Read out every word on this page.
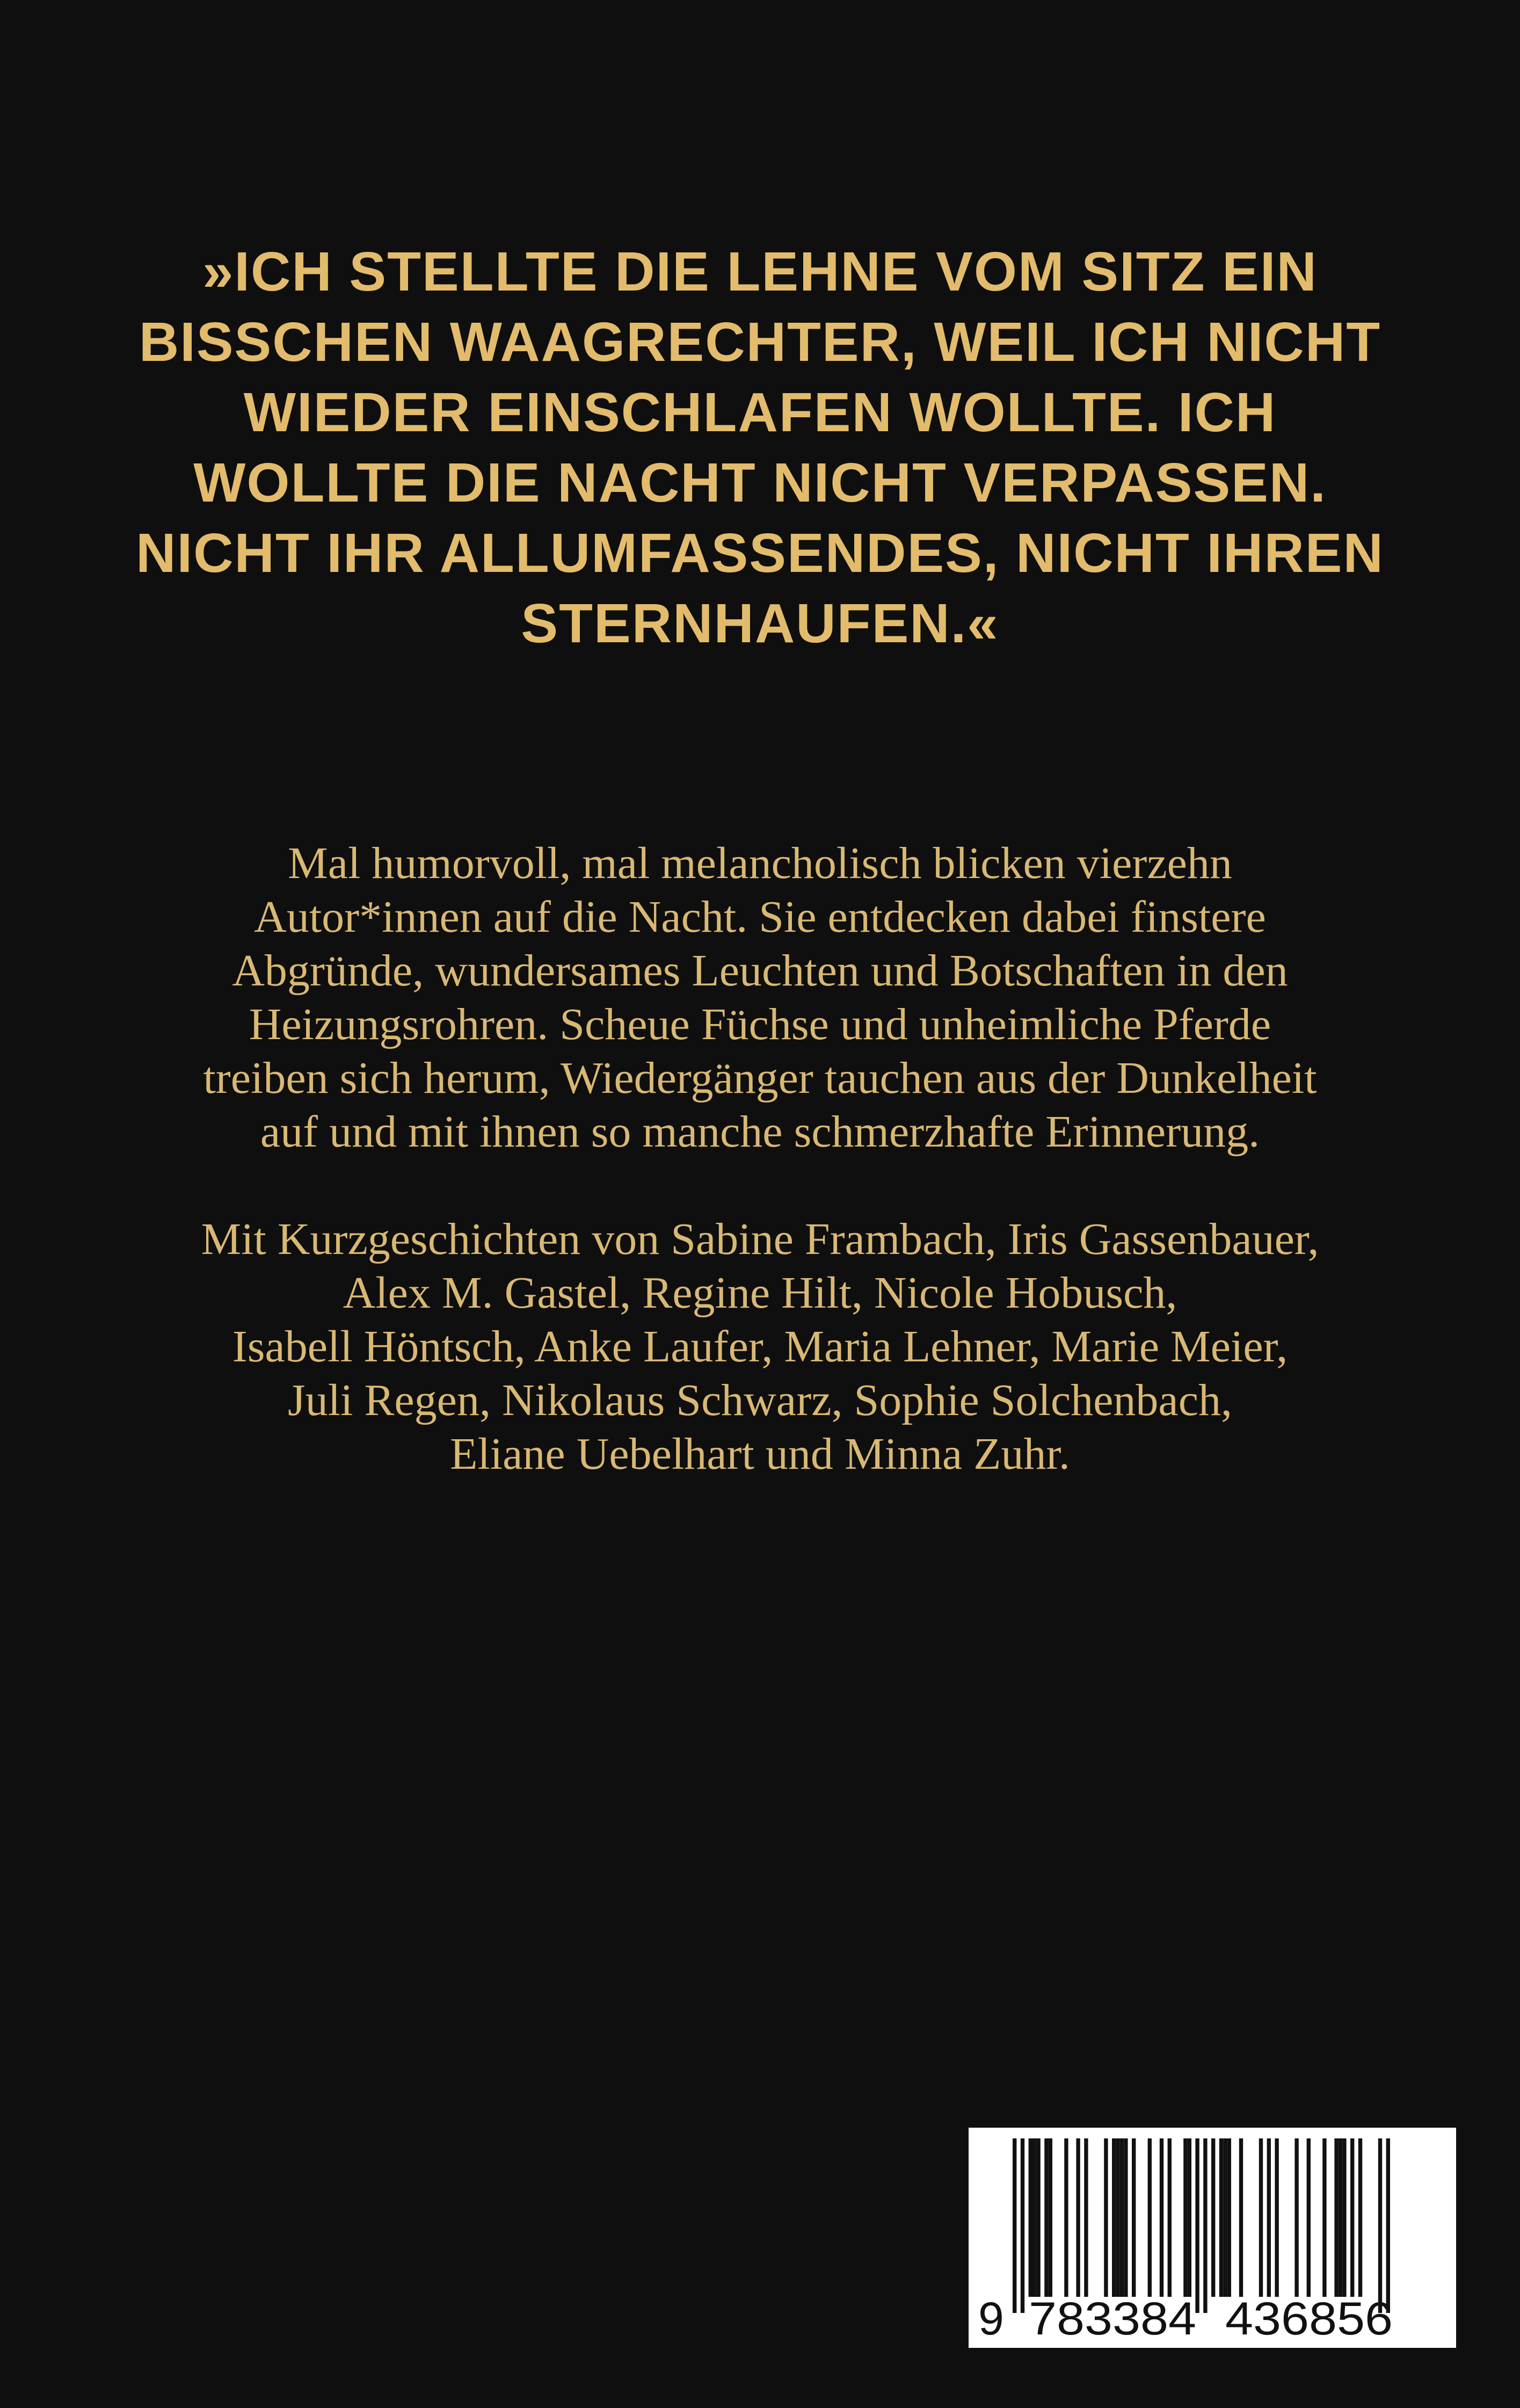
»ICH STELLTE DIE LEHNE VOM SITZ EIN
BISSCHEN WAAGRECHTER, WEIL ICH NICHT
WIEDER EINSCHLAFEN WOLLTE. ICH
WOLLTE DIE NACHT NICHT VERPASSEN.
NICHT IHR ALLUMFASSENDES, NICHT IHREN
STERNHAUFEN.«
Mal humorvoll, mal melancholisch blicken vierzehn
Autor*innen auf die Nacht. Sie entdecken dabei finstere
Abgründe, wundersames Leuchten und Botschaften in den
Heizungsrohren. Scheue Füchse und unheimliche Pferde
treiben sich herum, Wiedergänger tauchen aus der Dunkelheit
auf und mit ihnen so manche schmerzhafte Erinnerung.
Mit Kurzgeschichten von Sabine Frambach, Iris Gassenbauer,
Alex M. Gastel, Regine Hilt, Nicole Hobusch,
Isabell Höntsch, Anke Laufer, Maria Lehner, Marie Meier,
Juli Regen, Nikolaus Schwarz, Sophie Solchenbach,
Eliane Uebelhart und Minna Zuhr.
9 783384 436856
